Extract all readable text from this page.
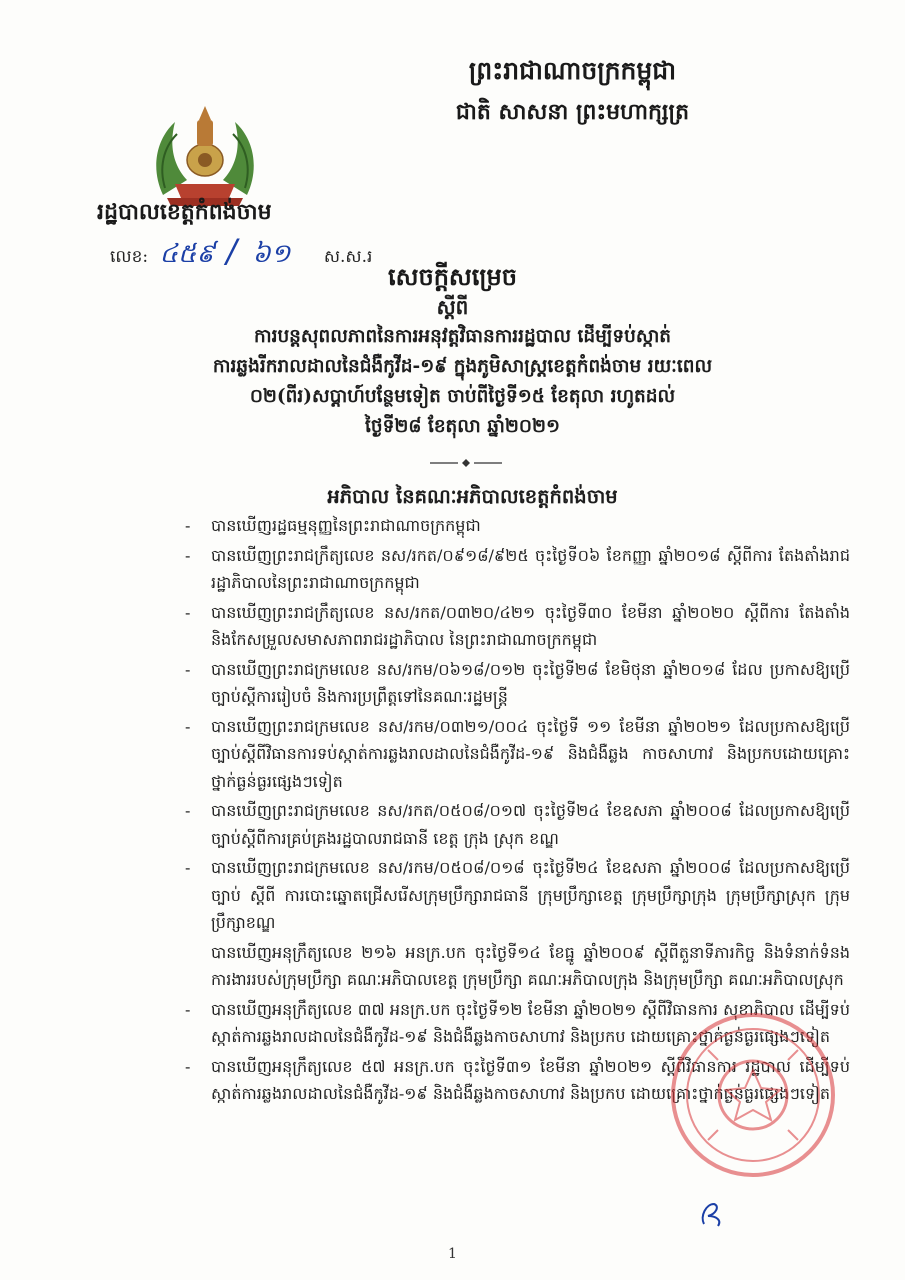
ព្រះរាជាណាចក្រកម្ពុជា
ជាតិ សាសនា ព្រះមហាក្សត្រ
រដ្ឋបាលខេត្តកំពង់ចាម
លេខ: ៤៥៩ / ៦១ ស.ស.រ
សេចក្តីសម្រេច
ស្តីពី
ការបន្តសុពលភាពនៃការអនុវត្តវិធានការរដ្ឋបាល ដើម្បីទប់ស្កាត់
ការឆ្លងរីករាលដាលនៃជំងឺកូវីដ-១៩ ក្នុងភូមិសាស្ត្រខេត្តកំពង់ចាម រយៈពេល
០២(ពីរ)សប្តាហ៍បន្ថែមទៀត ចាប់ពីថ្ងៃទី១៥ ខែតុលា រហូតដល់
ថ្ងៃទី២៨ ខែតុលា ឆ្នាំ២០២១
អភិបាល នៃគណៈអភិបាលខេត្តកំពង់ចាម
- បានឃើញរដ្ឋធម្មនុញ្ញនៃព្រះរាជាណាចក្រកម្ពុជា

- បានឃើញព្រះរាជក្រឹត្យលេខ នស/រកត/០៩១៨/៩២៥ ចុះថ្ងៃទី០៦ ខែកញ្ញា ឆ្នាំ២០១៨ ស្តីពីការ តែងតាំងរាជរដ្ឋាភិបាលនៃព្រះរាជាណាចក្រកម្ពុជា

- បានឃើញព្រះរាជក្រឹត្យលេខ នស/រកត/០៣២០/៤២១ ចុះថ្ងៃទី៣០ ខែមីនា ឆ្នាំ២០២០ ស្តីពីការ តែងតាំង និងកែសម្រួលសមាសភាពរាជរដ្ឋាភិបាល នៃព្រះរាជាណាចក្រកម្ពុជា

- បានឃើញព្រះរាជក្រមលេខ នស/រកម/០៦១៨/០១២ ចុះថ្ងៃទី២៨ ខែមិថុនា ឆ្នាំ២០១៨ ដែល ប្រកាសឱ្យប្រើច្បាប់ស្តីការរៀបចំ និងការប្រព្រឹត្តទៅនៃគណៈរដ្ឋមន្ត្រី

- បានឃើញព្រះរាជក្រមលេខ នស/រកម/០៣២១/០០៤ ចុះថ្ងៃទី ១១ ខែមីនា ឆ្នាំ២០២១ ដែលប្រកាសឱ្យប្រើច្បាប់ស្តីពីវិធានការទប់ស្កាត់ការឆ្លងរាលដាលនៃជំងឺកូវីដ-១៩ និងជំងឺឆ្លង កាចសាហាវ និងប្រកបដោយគ្រោះថ្នាក់ធ្ងន់ធ្ងរផ្សេងៗទៀត

- បានឃើញព្រះរាជក្រមលេខ នស/រកត/០៥០៨/០១៧ ចុះថ្ងៃទី២៤ ខែឧសភា ឆ្នាំ២០០៨ ដែលប្រកាសឱ្យប្រើច្បាប់ស្តីពីការគ្រប់គ្រងរដ្ឋបាលរាជធានី ខេត្ត ក្រុង ស្រុក ខណ្ឌ

- បានឃើញព្រះរាជក្រមលេខ នស/រកម/០៥០៨/០១៨ ចុះថ្ងៃទី២៤ ខែឧសភា ឆ្នាំ២០០៨ ដែលប្រកាសឱ្យប្រើច្បាប់ ស្តីពី ការបោះឆ្នោតជ្រើសរើសក្រុមប្រឹក្សារាជធានី ក្រុមប្រឹក្សាខេត្ត ក្រុមប្រឹក្សាក្រុង ក្រុមប្រឹក្សាស្រុក ក្រុមប្រឹក្សាខណ្ឌ

បានឃើញអនុក្រឹត្យលេខ ២១៦ អនក្រ.បក ចុះថ្ងៃទី១៤ ខែធ្នូ ឆ្នាំ២០០៩ ស្តីពីតួនាទីភារកិច្ច និងទំនាក់ទំនងការងាររបស់ក្រុមប្រឹក្សា គណៈអភិបាលខេត្ត ក្រុមប្រឹក្សា គណៈអភិបាលក្រុង និងក្រុមប្រឹក្សា គណៈអភិបាលស្រុក

- បានឃើញអនុក្រឹត្យលេខ ៣៧ អនក្រ.បក ចុះថ្ងៃទី១២ ខែមីនា ឆ្នាំ២០២១ ស្តីពីវិធានការ សុខាភិបាល ដើម្បីទប់ស្កាត់ការឆ្លងរាលដាលនៃជំងឺកូវីដ-១៩ និងជំងឺឆ្លងកាចសាហាវ និងប្រកប ដោយគ្រោះថ្នាក់ធ្ងន់ធ្ងរផ្សេងៗទៀត

- បានឃើញអនុក្រឹត្យលេខ ៥៧ អនក្រ.បក ចុះថ្ងៃទី៣១ ខែមីនា ឆ្នាំ២០២១ ស្តីពីវិធានការ រដ្ឋបាល ដើម្បីទប់ស្កាត់ការឆ្លងរាលដាលនៃជំងឺកូវីដ-១៩ និងជំងឺឆ្លងកាចសាហាវ និងប្រកប ដោយគ្រោះថ្នាក់ធ្ងន់ធ្ងរផ្សេងៗទៀត

1
